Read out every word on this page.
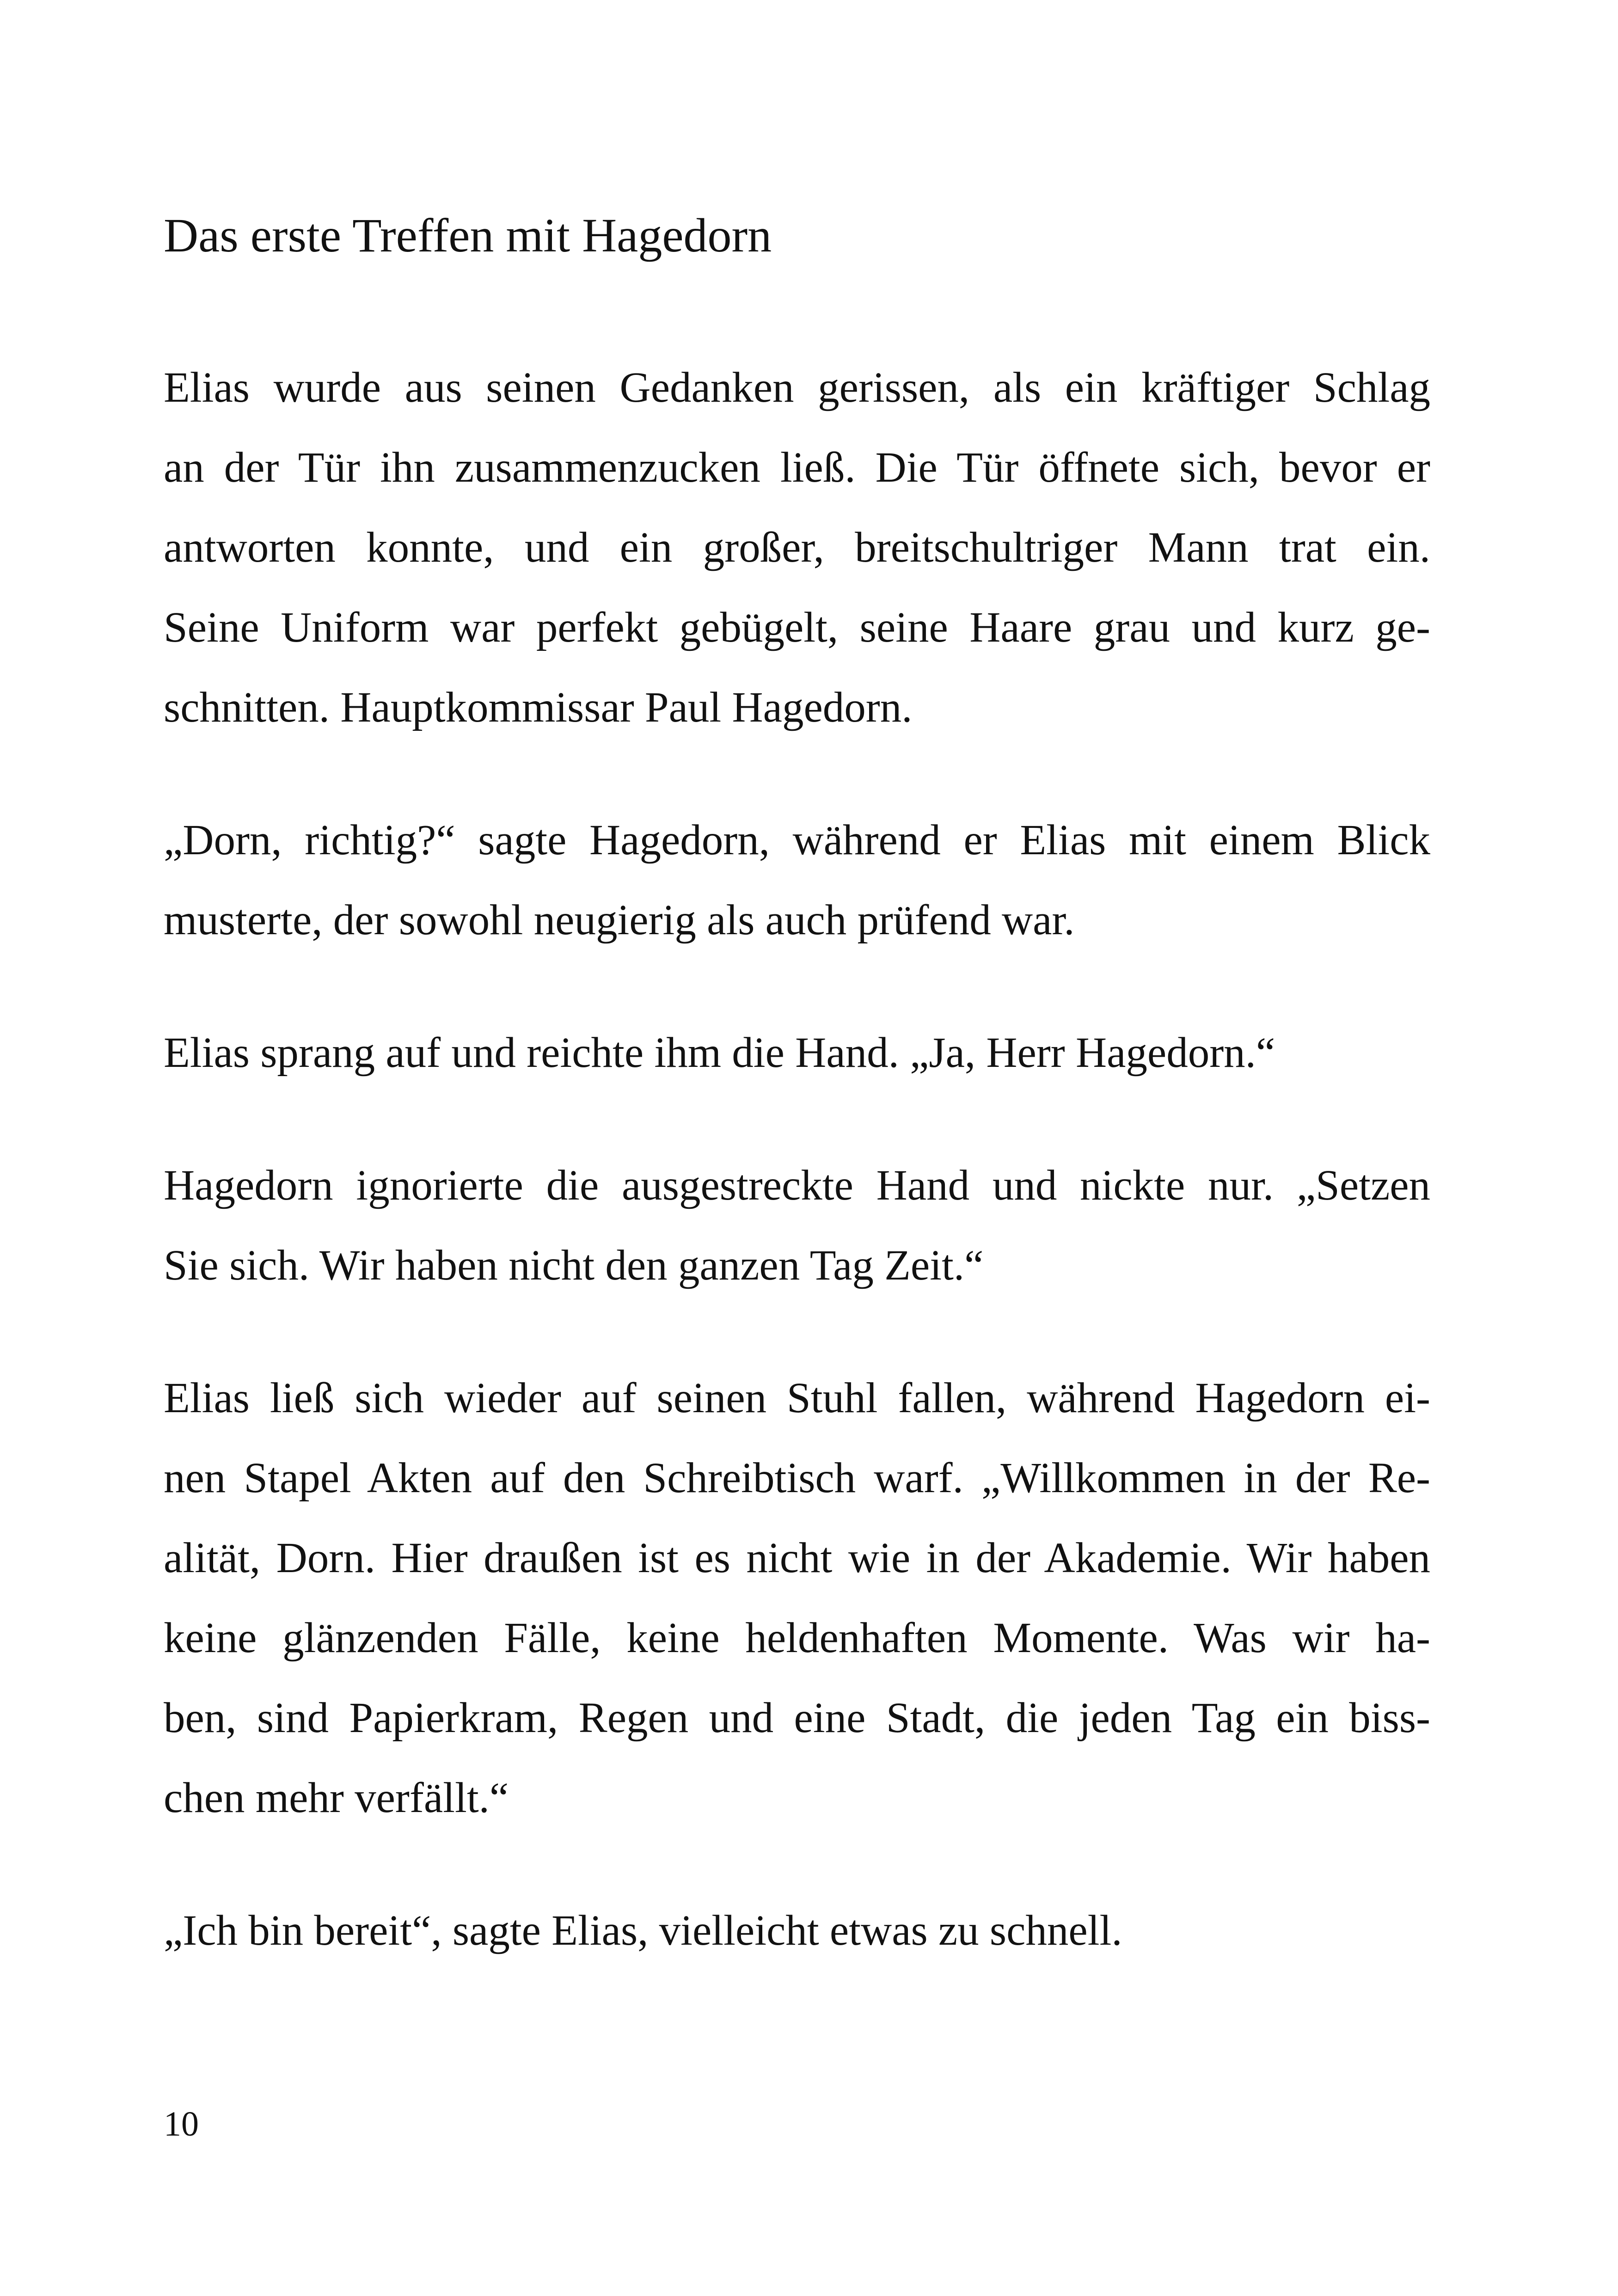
Das erste Treffen mit Hagedorn

Elias wurde aus seinen Gedanken gerissen, als ein kräftiger Schlag
an der Tür ihn zusammenzucken ließ. Die Tür öffnete sich, bevor er
antworten konnte, und ein großer, breitschultriger Mann trat ein.
Seine Uniform war perfekt gebügelt, seine Haare grau und kurz ge-
schnitten. Hauptkommissar Paul Hagedorn.

„Dorn, richtig?“ sagte Hagedorn, während er Elias mit einem Blick
musterte, der sowohl neugierig als auch prüfend war.

Elias sprang auf und reichte ihm die Hand. „Ja, Herr Hagedorn.“

Hagedorn ignorierte die ausgestreckte Hand und nickte nur. „Setzen
Sie sich. Wir haben nicht den ganzen Tag Zeit.“

Elias ließ sich wieder auf seinen Stuhl fallen, während Hagedorn ei-
nen Stapel Akten auf den Schreibtisch warf. „Willkommen in der Re-
alität, Dorn. Hier draußen ist es nicht wie in der Akademie. Wir haben
keine glänzenden Fälle, keine heldenhaften Momente. Was wir ha-
ben, sind Papierkram, Regen und eine Stadt, die jeden Tag ein biss-
chen mehr verfällt.“

„Ich bin bereit“, sagte Elias, vielleicht etwas zu schnell.

10
